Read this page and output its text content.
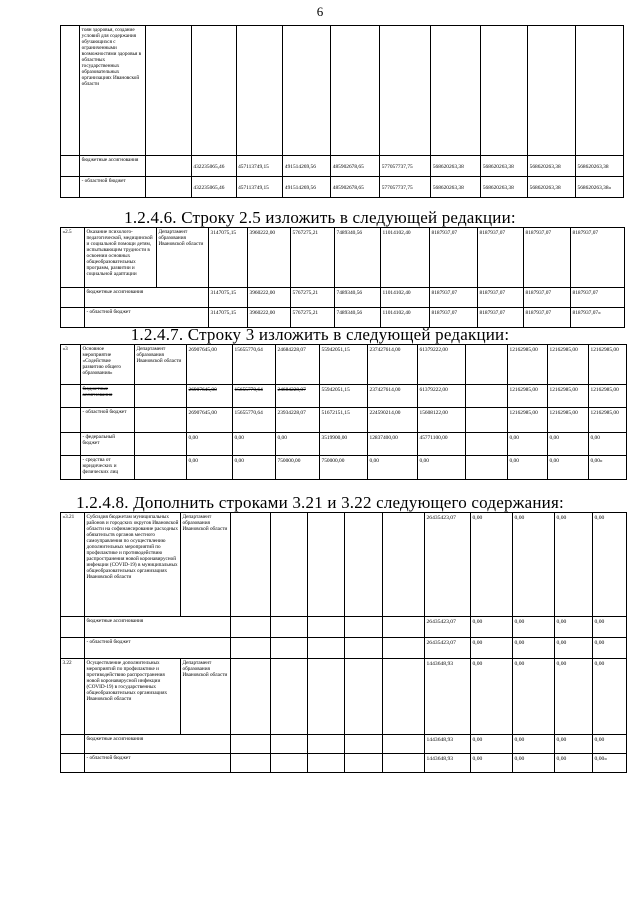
6
	тоян здоровья, создание условий для содержания обучающихся с ограниченными возможностями здоровья в областных государственных образовательных организациях Ивановской области										
	бюджетные ассигнования		432235065,46	457113749,15	491514269,56	485902678,65	577057737,75	568620263,38	568620263,38	568620263,38	568620263,38
	- областной бюджет		432235065,46	457113749,15	491514269,56	485902678,65	577057737,75	568620263,38	568620263,38	568620263,38	568620263,38»
1.2.4.6. Строку 2.5 изложить в следующей редакции:
«2.5	Оказание психолого-педагогической, медицинской и социальной помощи детям, испытывающим трудности в освоении основных общеобразовательных программ, развитии и социальной адаптации	Департамент образования Ивановской области	3147075,15	3960222,00	5767275,21	7489340,56	11014102,40	8187937,07	8187937,07	8187937,07	8187937,07
	бюджетные ассигнования		3147075,15	3960222,00	5767275,21	7489340,56	11014102,40	8187937,07	8187937,07	8187937,07	8187937,07
	- областной бюджет		3147075,15	3960222,00	5767275,21	7489340,56	11014102,40	8187937,07	8187937,07	8187937,07	8187937,07»
1.2.4.7. Строку 3 изложить в следующей редакции:
«3	Основное мероприятие «Содействие развитию общего образования»	Департамент образования Ивановской области	26907645,00	15655770,64	24684228,07	55942051,15	237427614,00	61379222,00		12162985,00	12162985,00	12162985,00
	бюджетные ассигнования		26907645,00	15655770,64	24684228,07	55942051,15	237427614,00	61379222,00		12162985,00	12162985,00	12162985,00
	- областной бюджет		26907645,00	15655770,64	23934228,07	51672151,15	224590214,00	15608122,00		12162985,00	12162985,00	12162985,00
	- федеральный бюджет		0,00	0,00	0,00	3519900,00	12837400,00	45771100,00		0,00	0,00	0,00
	- средства от юридических и физических лиц		0,00	0,00	750000,00	750000,00	0,00	0,00		0,00	0,00	0,00»
1.2.4.8. Дополнить строками 3.21 и 3.22 следующего содержания:
«3.21	Субсидия бюджетам муниципальных районов и городских округов Ивановской области на софинансирование расходных обязательств органов местного самоуправления по осуществлению дополнительных мероприятий по профилактике и противодействию распространения новой коронавирусной инфекции (COVID-19) в муниципальных общеобразовательных организациях Ивановской области	Департамент образования Ивановской области						26435423,07	0,00	0,00	0,00	0,00
	бюджетные ассигнования							26435423,07	0,00	0,00	0,00	0,00
	- областной бюджет							26435423,07	0,00	0,00	0,00	0,00
3.22	Осуществление дополнительных мероприятий по профилактике и противодействию распространения новой коронавирусной инфекции (COVID-19) в государственных общеобразовательных организациях Ивановской области	Департамент образования Ивановской области						1443648,93	0,00	0,00	0,00	0,00
	бюджетные ассигнования							1443648,93	0,00	0,00	0,00	0,00
	- областной бюджет							1443648,93	0,00	0,00	0,00	0,00»
